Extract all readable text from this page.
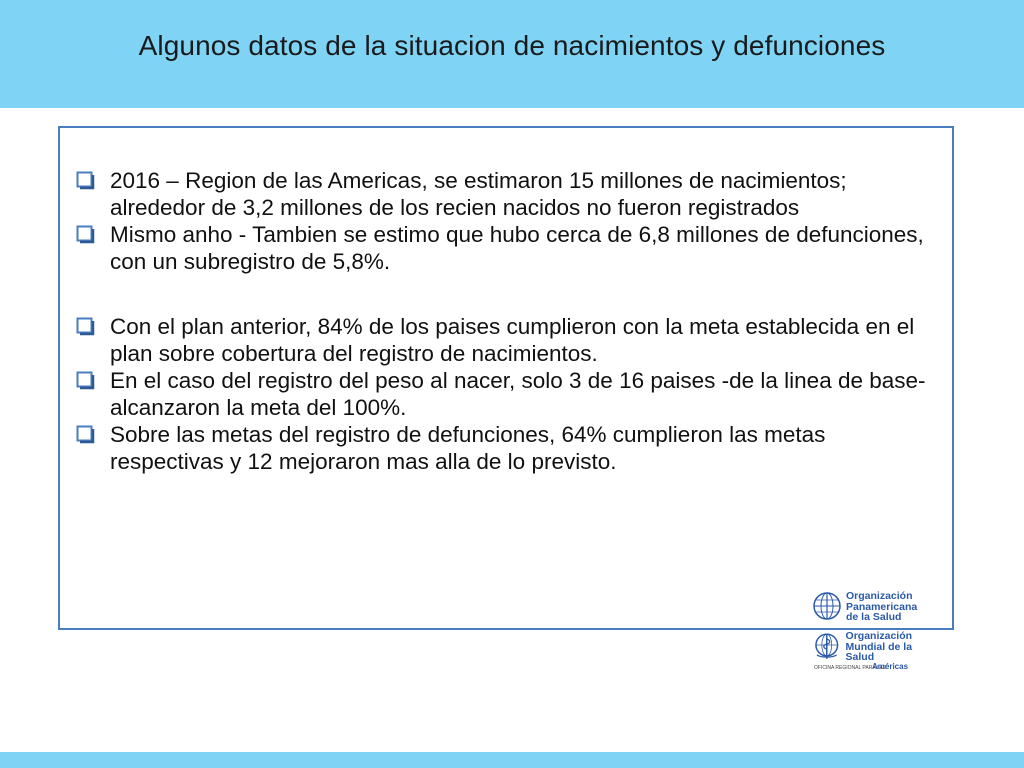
Algunos datos de la situacion de nacimientos y defunciones
2016 – Region de las Americas, se estimaron 15 millones de nacimientos; alrededor de 3,2 millones de los recien nacidos no fueron registrados
Mismo anho - Tambien se estimo que hubo cerca de 6,8 millones de defunciones, con un subregistro de 5,8%.
Con el plan anterior, 84% de los paises cumplieron con la meta establecida en el plan sobre cobertura del registro de nacimientos.
En el caso del registro del peso al nacer, solo 3 de 16 paises -de la linea de base- alcanzaron la meta del 100%.
Sobre las metas del registro de defunciones, 64% cumplieron las metas respectivas y 12 mejoraron mas alla de lo previsto.
Organización
Panamericana
de la Salud
Organización
Mundial de la Salud
OFICINA REGIONAL PARA LAS
Américas
